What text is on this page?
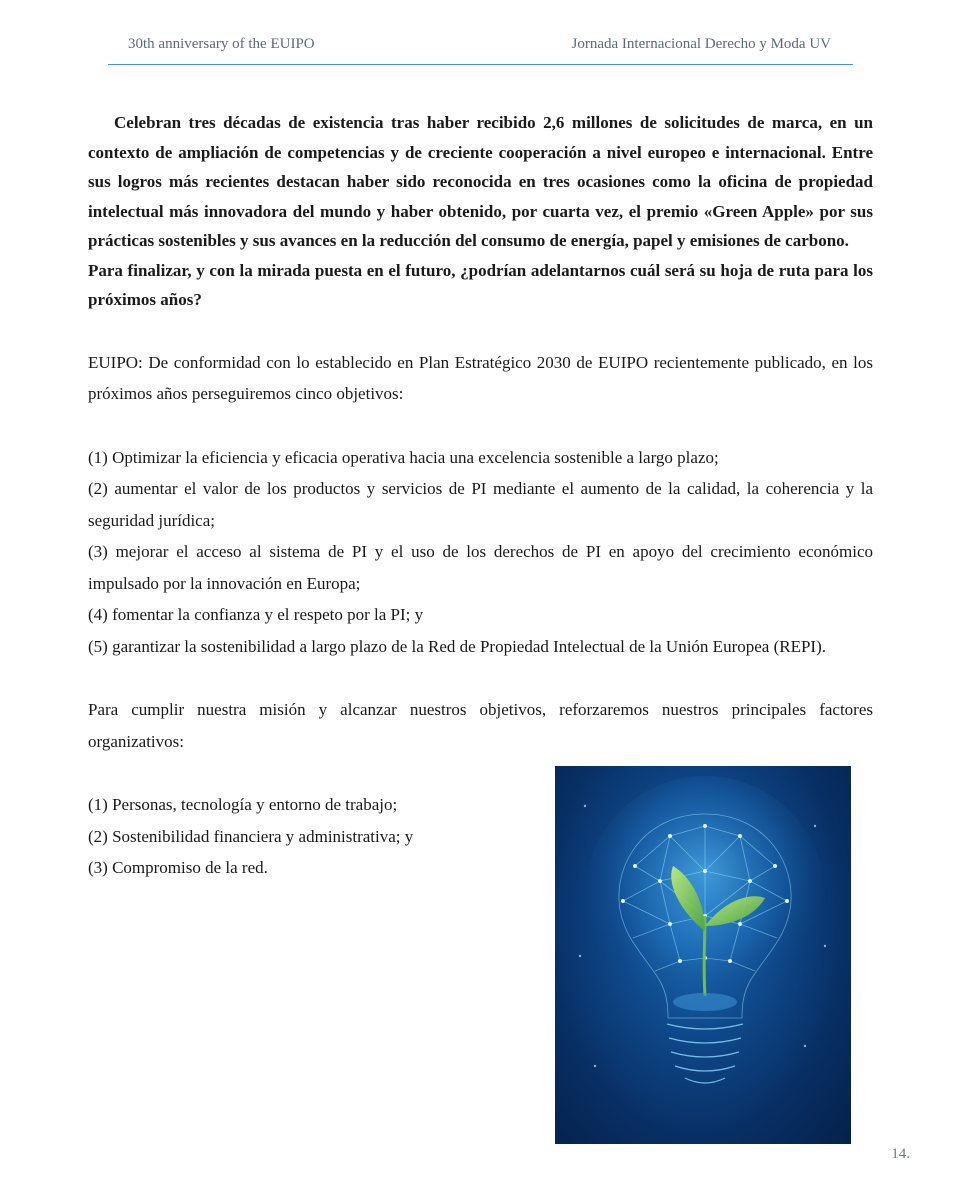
30th anniversary of the EUIPO	Jornada Internacional Derecho y Moda UV

Celebran tres décadas de existencia tras haber recibido 2,6 millones de solicitudes de marca, en un contexto de ampliación de competencias y de creciente cooperación a nivel europeo e internacional. Entre sus logros más recientes destacan haber sido reconocida en tres ocasiones como la oficina de propiedad intelectual más innovadora del mundo y haber obtenido, por cuarta vez, el premio «Green Apple» por sus prácticas sostenibles y sus avances en la reducción del consumo de energía, papel y emisiones de carbono.

Para finalizar, y con la mirada puesta en el futuro, ¿podrían adelantarnos cuál será su hoja de ruta para los próximos años?

EUIPO: De conformidad con lo establecido en Plan Estratégico 2030 de EUIPO recientemente publicado, en los próximos años perseguiremos cinco objetivos:

(1) Optimizar la eficiencia y eficacia operativa hacia una excelencia sostenible a largo plazo;

(2) aumentar el valor de los productos y servicios de PI mediante el aumento de la calidad, la coherencia y la seguridad jurídica;

(3) mejorar el acceso al sistema de PI y el uso de los derechos de PI en apoyo del crecimiento económico impulsado por la innovación en Europa;

(4) fomentar la confianza y el respeto por la PI; y

(5) garantizar la sostenibilidad a largo plazo de la Red de Propiedad Intelectual de la Unión Europea (REPI).

Para cumplir nuestra misión y alcanzar nuestros objetivos, reforzaremos nuestros principales factores organizativos:

(1) Personas, tecnología y entorno de trabajo;

(2) Sostenibilidad financiera y administrativa; y

(3) Compromiso de la red.

14.
